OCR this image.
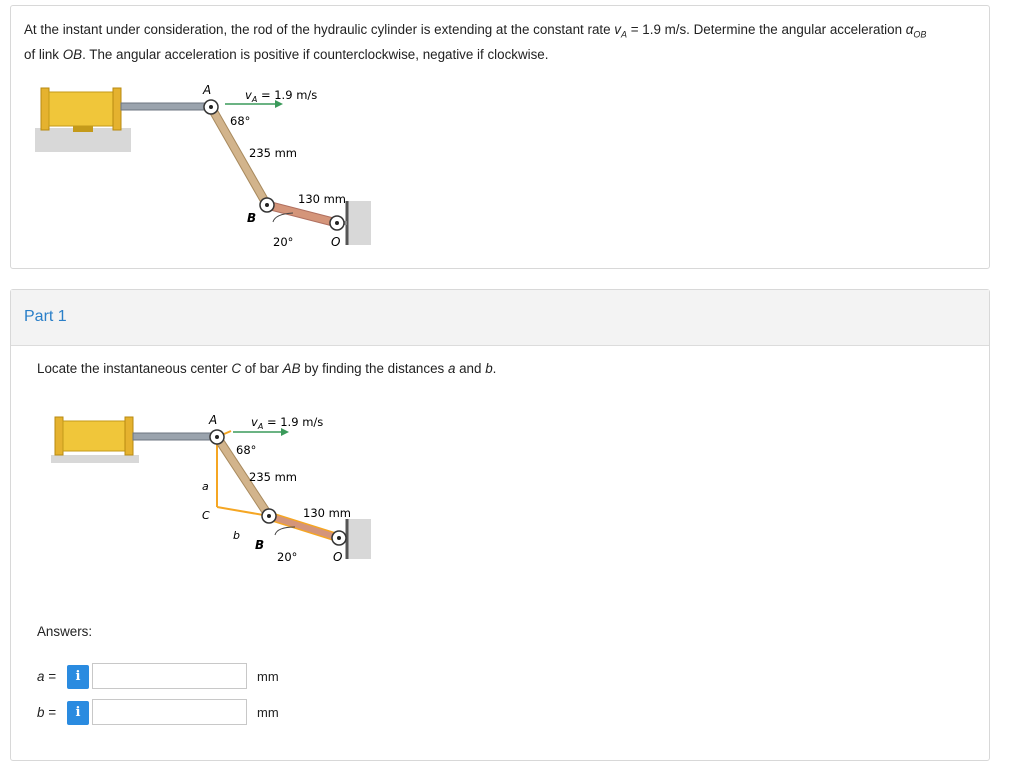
At the instant under consideration, the rod of the hydraulic cylinder is extending at the constant rate $v_A = 1.9$ m/s. Determine the angular acceleration $\alpha_{OB}$
of link OB. The angular acceleration is positive if counterclockwise, negative if clockwise.
A	$v_A = 1.9$ m/s
68°
235 mm
130 mm
B
20°	O
Part 1
Locate the instantaneous center C of bar AB by finding the distances a and b.
A	$v_A = 1.9$ m/s
68°
235 mm
a
C
b
130 mm
B
20°	O
Answers:
a =	i	mm
b =	i	mm
